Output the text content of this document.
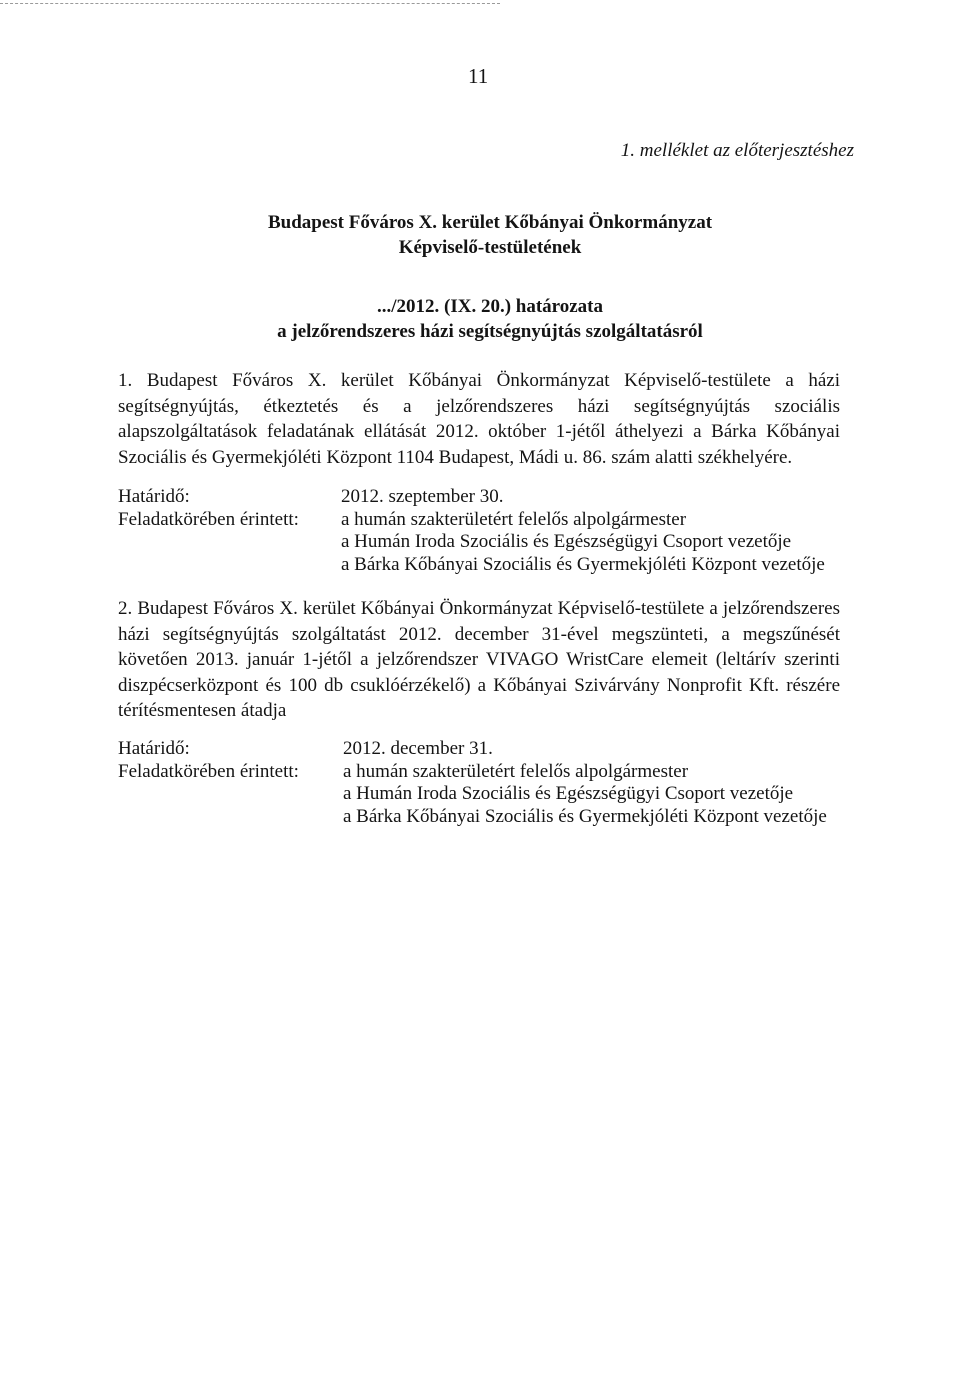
11
1. melléklet az előterjesztéshez
Budapest Főváros X. kerület Kőbányai Önkormányzat
Képviselő-testületének
.../2012. (IX. 20.) határozata
a jelzőrendszeres házi segítségnyújtás szolgáltatásról
1. Budapest Főváros X. kerület Kőbányai Önkormányzat Képviselő-testülete a házi segítségnyújtás, étkeztetés és a jelzőrendszeres házi segítségnyújtás szociális alapszolgáltatások feladatának ellátását 2012. október 1-jétől áthelyezi a Bárka Kőbányai Szociális és Gyermekjóléti Központ 1104 Budapest, Mádi u. 86. szám alatti székhelyére.
Határidő:	2012. szeptember 30.
Feladatkörében érintett:	a humán szakterületért felelős alpolgármester
a Humán Iroda Szociális és Egészségügyi Csoport vezetője
a Bárka Kőbányai Szociális és Gyermekjóléti Központ vezetője
2. Budapest Főváros X. kerület Kőbányai Önkormányzat Képviselő-testülete a jelzőrendszeres házi segítségnyújtás szolgáltatást 2012. december 31-ével megszünteti, a megszűnését követően 2013. január 1-jétől a jelzőrendszer VIVAGO WristCare elemeit (leltárív szerinti diszpécserközpont és 100 db csuklóérzékelő) a Kőbányai Szivárvány Nonprofit Kft. részére térítésmentesen átadja
Határidő:	2012. december 31.
Feladatkörében érintett:	a humán szakterületért felelős alpolgármester
a Humán Iroda Szociális és Egészségügyi Csoport vezetője
a Bárka Kőbányai Szociális és Gyermekjóléti Központ vezetője
